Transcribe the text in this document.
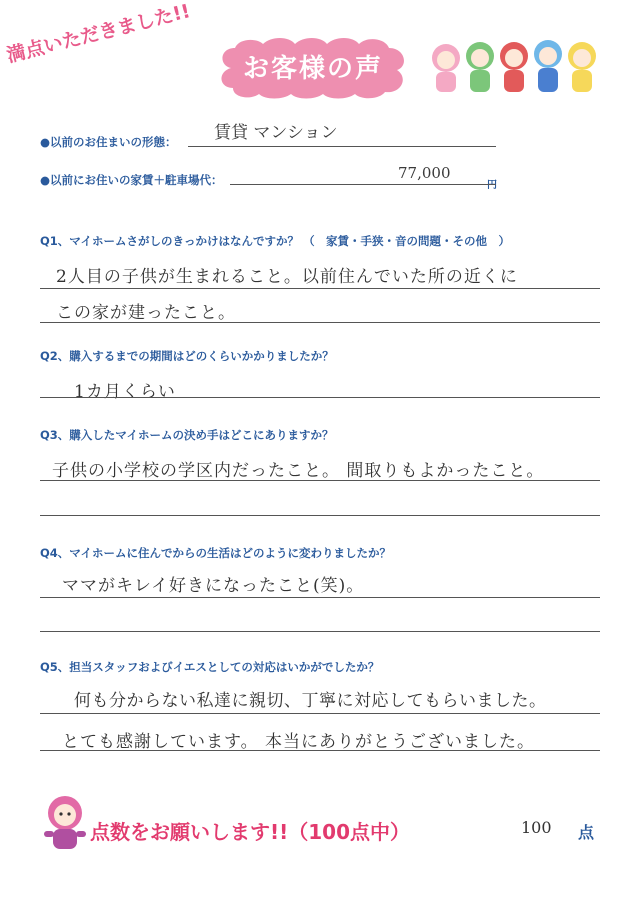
満点いただきました!!
お客様の声
●以前のお住まいの形態： 賃貸 マンション
●以前にお住いの家賃＋駐車場代：	77,000
円
Q1、マイホームさがしのきっかけはなんですか？ （　家賃・手狭・音の問題・その他　）
2人目の子供が生まれること。以前住んでいた所の近くに
この家が建ったこと。
Q2、購入するまでの期間はどのくらいかかりましたか？
1カ月くらい
Q3、購入したマイホームの決め手はどこにありますか？
子供の小学校の学区内だったこと。 間取りもよかったこと。
Q4、マイホームに住んでからの生活はどのように変わりましたか？
ママがキレイ好きになったこと(笑)。
Q5、担当スタッフおよびイエスとしての対応はいかがでしたか？
何も分からない私達に親切、丁寧に対応してもらいました。
とても感謝しています。 本当にありがとうございました。
点数をお願いします!!（100点中）	100 点
